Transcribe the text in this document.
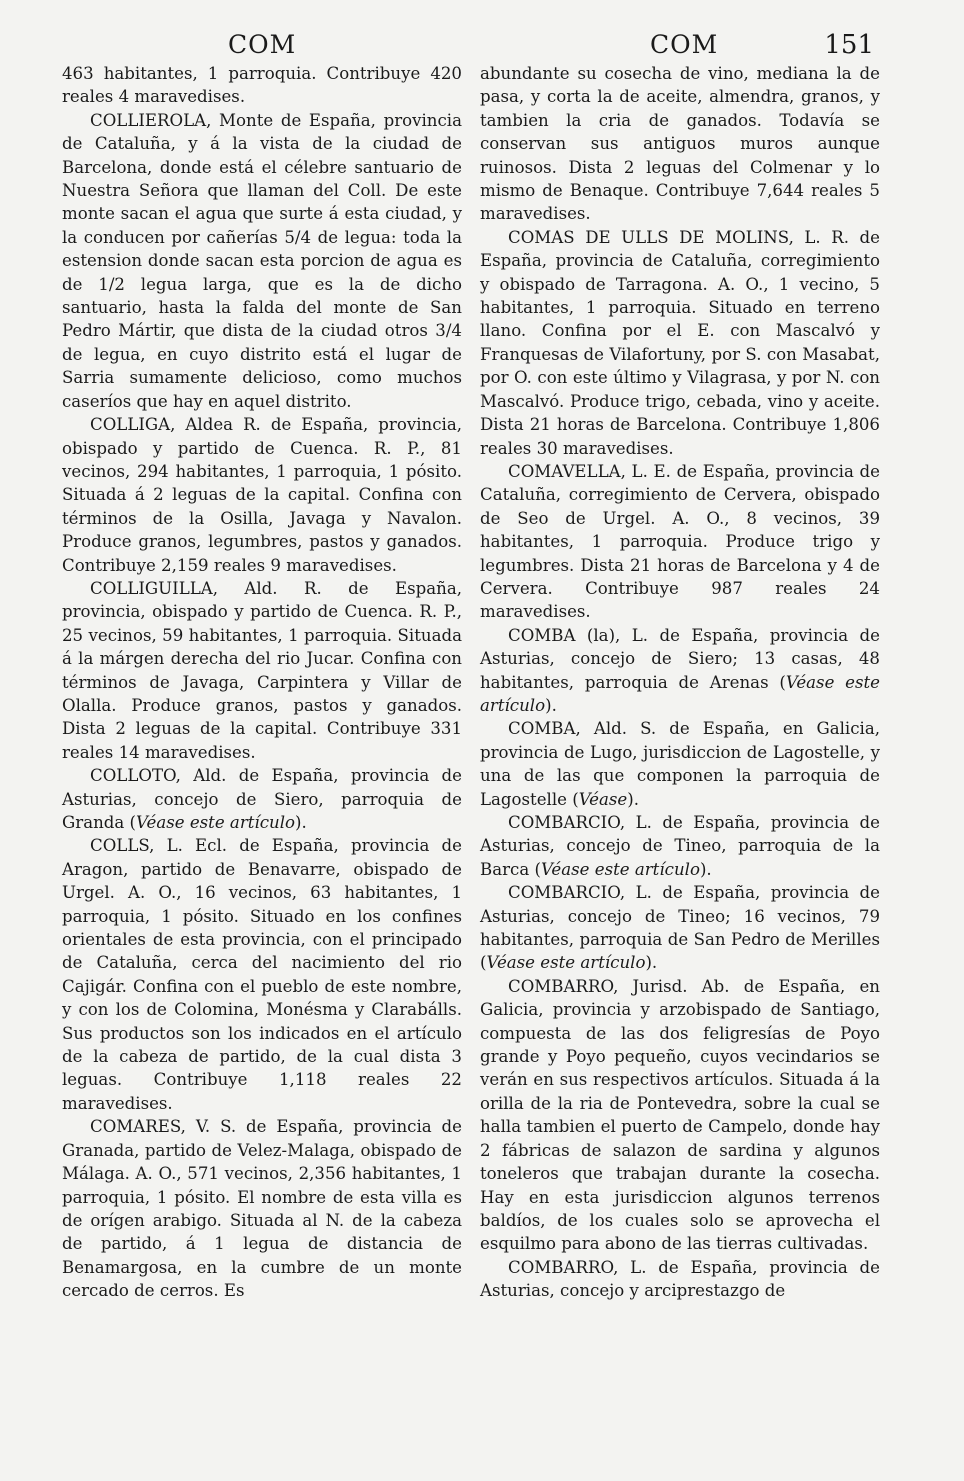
COM	COM	151

463 habitantes, 1 parroquia. Contribuye 420 reales 4 maravedises.

COLLIEROLA, Monte de España, provincia de Cataluña, y á la vista de la ciudad de Barcelona, donde está el célebre santuario de Nuestra Señora que llaman del Coll. De este monte sacan el agua que surte á esta ciudad, y la conducen por cañerías 5/4 de legua: toda la estension donde sacan esta porcion de agua es de 1/2 legua larga, que es la de dicho santuario, hasta la falda del monte de San Pedro Mártir, que dista de la ciudad otros 3/4 de legua, en cuyo distrito está el lugar de Sarria sumamente delicioso, como muchos caseríos que hay en aquel distrito.

COLLIGA, Aldea R. de España, provincia, obispado y partido de Cuenca. R. P., 81 vecinos, 294 habitantes, 1 parroquia, 1 pósito. Situada á 2 leguas de la capital. Confina con términos de la Osilla, Javaga y Navalon. Produce granos, legumbres, pastos y ganados. Contribuye 2,159 reales 9 maravedises.

COLLIGUILLA, Ald. R. de España, provincia, obispado y partido de Cuenca. R. P., 25 vecinos, 59 habitantes, 1 parroquia. Situada á la márgen derecha del rio Jucar. Confina con términos de Javaga, Carpintera y Villar de Olalla. Produce granos, pastos y ganados. Dista 2 leguas de la capital. Contribuye 331 reales 14 maravedises.

COLLOTO, Ald. de España, provincia de Asturias, concejo de Siero, parroquia de Granda (Véase este artículo).

COLLS, L. Ecl. de España, provincia de Aragon, partido de Benavarre, obispado de Urgel. A. O., 16 vecinos, 63 habitantes, 1 parroquia, 1 pósito. Situado en los confines orientales de esta provincia, con el principado de Cataluña, cerca del nacimiento del rio Cajigár. Confina con el pueblo de este nombre, y con los de Colomina, Monésma y Clarabálls. Sus productos son los indicados en el artículo de la cabeza de partido, de la cual dista 3 leguas. Contribuye 1,118 reales 22 maravedises.

COMARES, V. S. de España, provincia de Granada, partido de Velez-Malaga, obispado de Málaga. A. O., 571 vecinos, 2,356 habitantes, 1 parroquia, 1 pósito. El nombre de esta villa es de orígen arabigo. Situada al N. de la cabeza de partido, á 1 legua de distancia de Benamargosa, en la cumbre de un monte cercado de cerros. Es

abundante su cosecha de vino, mediana la de pasa, y corta la de aceite, almendra, granos, y tambien la cria de ganados. Todavía se conservan sus antiguos muros aunque ruinosos. Dista 2 leguas del Colmenar y lo mismo de Benaque. Contribuye 7,644 reales 5 maravedises.

COMAS DE ULLS DE MOLINS, L. R. de España, provincia de Cataluña, corregimiento y obispado de Tarragona. A. O., 1 vecino, 5 habitantes, 1 parroquia. Situado en terreno llano. Confina por el E. con Mascalvó y Franquesas de Vilafortuny, por S. con Masabat, por O. con este último y Vilagrasa, y por N. con Mascalvó. Produce trigo, cebada, vino y aceite. Dista 21 horas de Barcelona. Contribuye 1,806 reales 30 maravedises.

COMAVELLA, L. E. de España, provincia de Cataluña, corregimiento de Cervera, obispado de Seo de Urgel. A. O., 8 vecinos, 39 habitantes, 1 parroquia. Produce trigo y legumbres. Dista 21 horas de Barcelona y 4 de Cervera. Contribuye 987 reales 24 maravedises.

COMBA (la), L. de España, provincia de Asturias, concejo de Siero; 13 casas, 48 habitantes, parroquia de Arenas (Véase este artículo).

COMBA, Ald. S. de España, en Galicia, provincia de Lugo, jurisdiccion de Lagostelle, y una de las que componen la parroquia de Lagostelle (Véase).

COMBARCIO, L. de España, provincia de Asturias, concejo de Tineo, parroquia de la Barca (Véase este artículo).

COMBARCIO, L. de España, provincia de Asturias, concejo de Tineo; 16 vecinos, 79 habitantes, parroquia de San Pedro de Merilles (Véase este artículo).

COMBARRO, Jurisd. Ab. de España, en Galicia, provincia y arzobispado de Santiago, compuesta de las dos feligresías de Poyo grande y Poyo pequeño, cuyos vecindarios se verán en sus respectivos artículos. Situada á la orilla de la ria de Pontevedra, sobre la cual se halla tambien el puerto de Campelo, donde hay 2 fábricas de salazon de sardina y algunos toneleros que trabajan durante la cosecha. Hay en esta jurisdiccion algunos terrenos baldíos, de los cuales solo se aprovecha el esquilmo para abono de las tierras cultivadas.

COMBARRO, L. de España, provincia de Asturias, concejo y arciprestazgo de
